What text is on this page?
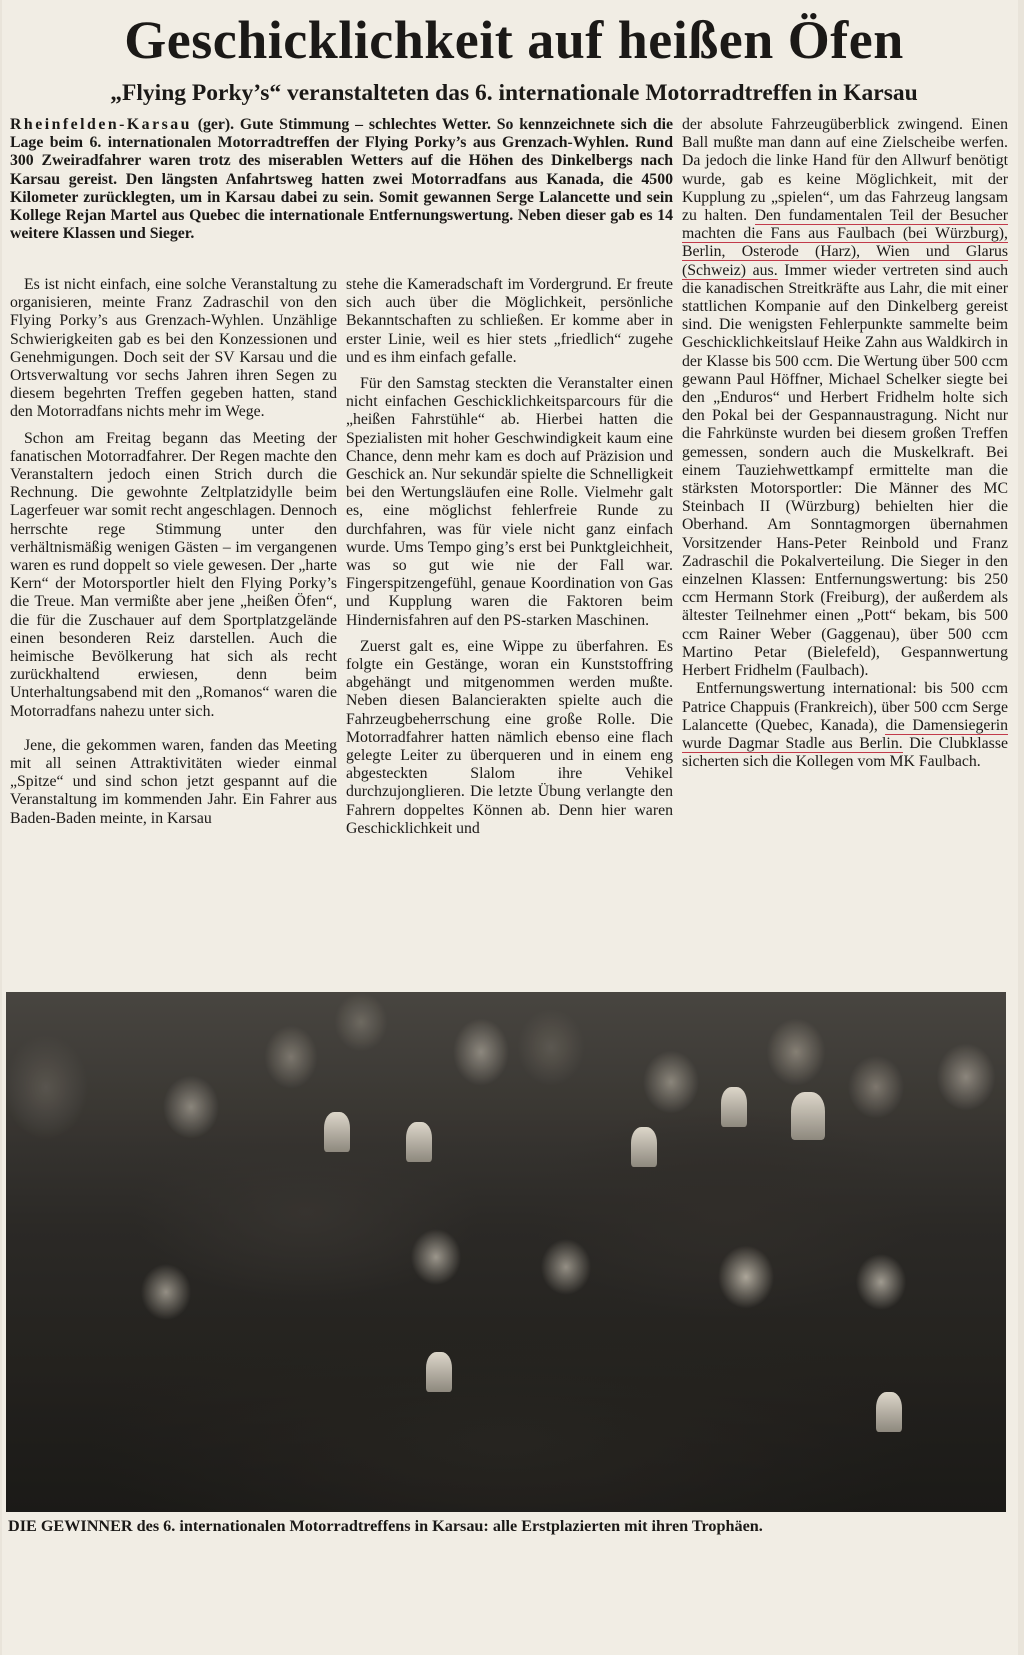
Geschicklichkeit auf heißen Öfen
„Flying Porky’s“ veranstalteten das 6. internationale Motorradtreffen in Karsau

Rheinfelden-Karsau (ger). Gute Stimmung – schlechtes Wetter. So kennzeichnete sich die Lage beim 6. internationalen Motorradtreffen der Flying Porky’s aus Grenzach-Wyhlen. Rund 300 Zweiradfahrer waren trotz des miserablen Wetters auf die Höhen des Dinkelbergs nach Karsau gereist. Den längsten Anfahrtsweg hatten zwei Motorradfans aus Kanada, die 4500 Kilometer zurücklegten, um in Karsau dabei zu sein. Somit gewannen Serge Lalancette und sein Kollege Rejan Martel aus Quebec die internationale Entfernungswertung. Neben dieser gab es 14 weitere Klassen und Sieger.

Es ist nicht einfach, eine solche Veranstaltung zu organisieren, meinte Franz Zadraschil von den Flying Porky’s aus Grenzach-Wyhlen. Unzählige Schwierigkeiten gab es bei den Konzessionen und Genehmigungen. Doch seit der SV Karsau und die Ortsverwaltung vor sechs Jahren ihren Segen zu diesem begehrten Treffen gegeben hatten, stand den Motorradfans nichts mehr im Wege.

Schon am Freitag begann das Meeting der fanatischen Motorradfahrer. Der Regen machte den Veranstaltern jedoch einen Strich durch die Rechnung. Die gewohnte Zeltplatzidylle beim Lagerfeuer war somit recht angeschlagen. Dennoch herrschte rege Stimmung unter den verhältnismäßig wenigen Gästen – im vergangenen waren es rund doppelt so viele gewesen. Der „harte Kern“ der Motorsportler hielt den Flying Porky’s die Treue. Man vermißte aber jene „heißen Öfen“, die für die Zuschauer auf dem Sportplatzgelände einen besonderen Reiz darstellen. Auch die heimische Bevölkerung hat sich als recht zurückhaltend erwiesen, denn beim Unterhaltungsabend mit den „Romanos“ waren die Motorradfans nahezu unter sich.

Jene, die gekommen waren, fanden das Meeting mit all seinen Attraktivitäten wieder einmal „Spitze“ und sind schon jetzt gespannt auf die Veranstaltung im kommenden Jahr. Ein Fahrer aus Baden-Baden meinte, in Karsau

stehe die Kameradschaft im Vordergrund. Er freute sich auch über die Möglichkeit, persönliche Bekanntschaften zu schließen. Er komme aber in erster Linie, weil es hier stets „friedlich“ zugehe und es ihm einfach gefalle.

Für den Samstag steckten die Veranstalter einen nicht einfachen Geschicklichkeitsparcours für die „heißen Fahrstühle“ ab. Hierbei hatten die Spezialisten mit hoher Geschwindigkeit kaum eine Chance, denn mehr kam es doch auf Präzision und Geschick an. Nur sekundär spielte die Schnelligkeit bei den Wertungsläufen eine Rolle. Vielmehr galt es, eine möglichst fehlerfreie Runde zu durchfahren, was für viele nicht ganz einfach wurde. Ums Tempo ging’s erst bei Punktgleichheit, was so gut wie nie der Fall war. Fingerspitzengefühl, genaue Koordination von Gas und Kupplung waren die Faktoren beim Hindernisfahren auf den PS-starken Maschinen.

Zuerst galt es, eine Wippe zu überfahren. Es folgte ein Gestänge, woran ein Kunststoffring abgehängt und mitgenommen werden mußte. Neben diesen Balancierakten spielte auch die Fahrzeugbeherrschung eine große Rolle. Die Motorradfahrer hatten nämlich ebenso eine flach gelegte Leiter zu überqueren und in einem eng abgesteckten Slalom ihre Vehikel durchzujonglieren. Die letzte Übung verlangte den Fahrern doppeltes Können ab. Denn hier waren Geschicklichkeit und

der absolute Fahrzeugüberblick zwingend. Einen Ball mußte man dann auf eine Zielscheibe werfen. Da jedoch die linke Hand für den Allwurf benötigt wurde, gab es keine Möglichkeit, mit der Kupplung zu „spielen“, um das Fahrzeug langsam zu halten. Den fundamentalen Teil der Besucher machten die Fans aus Faulbach (bei Würzburg), Berlin, Osterode (Harz), Wien und Glarus (Schweiz) aus. Immer wieder vertreten sind auch die kanadischen Streitkräfte aus Lahr, die mit einer stattlichen Kompanie auf den Dinkelberg gereist sind. Die wenigsten Fehlerpunkte sammelte beim Geschicklichkeitslauf Heike Zahn aus Waldkirch in der Klasse bis 500 ccm. Die Wertung über 500 ccm gewann Paul Höffner, Michael Schelker siegte bei den „Enduros“ und Herbert Fridhelm holte sich den Pokal bei der Gespannaustragung. Nicht nur die Fahrkünste wurden bei diesem großen Treffen gemessen, sondern auch die Muskelkraft. Bei einem Tauziehwettkampf ermittelte man die stärksten Motorsportler: Die Männer des MC Steinbach II (Würzburg) behielten hier die Oberhand. Am Sonntagmorgen übernahmen Vorsitzender Hans-Peter Reinbold und Franz Zadraschil die Pokalverteilung. Die Sieger in den einzelnen Klassen: Entfernungswertung: bis 250 ccm Hermann Stork (Freiburg), der außerdem als ältester Teilnehmer einen „Pott“ bekam, bis 500 ccm Rainer Weber (Gaggenau), über 500 ccm Martino Petar (Bielefeld), Gespannwertung Herbert Fridhelm (Faulbach).

Entfernungswertung international: bis 500 ccm Patrice Chappuis (Frankreich), über 500 ccm Serge Lalancette (Quebec, Kanada), die Damensiegerin wurde Dagmar Stadle aus Berlin. Die Clubklasse sicherten sich die Kollegen vom MK Faulbach.

DIE GEWINNER des 6. internationalen Motorradtreffens in Karsau: alle Erstplazierten mit ihren Trophäen.
